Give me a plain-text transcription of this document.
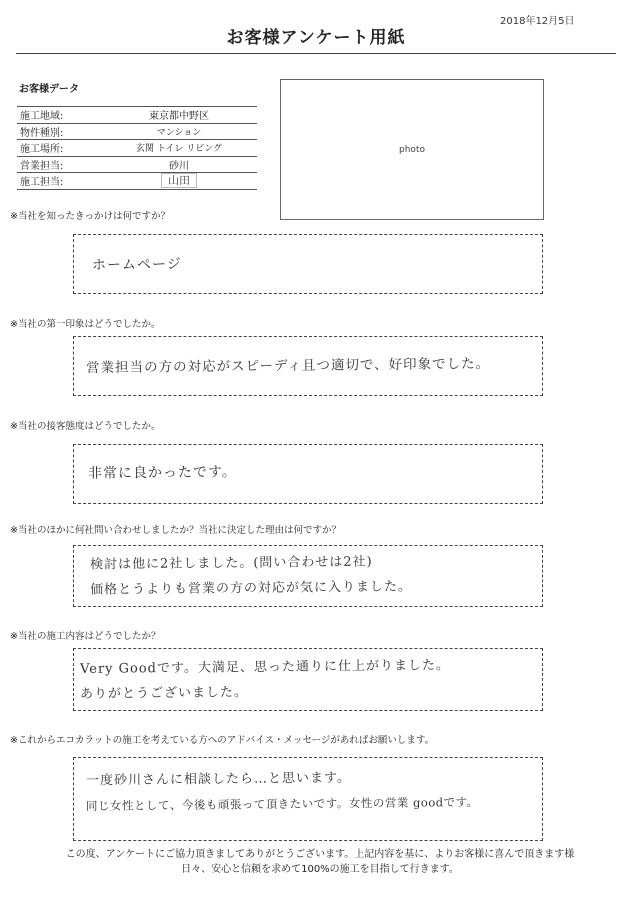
2018年12月5日
お客様アンケート用紙
お客様データ
施工地域:	東京都中野区
物件種別:	マンション
施工場所:	玄関 トイレ リビング
営業担当:	砂川
施工担当:	山田
photo
※当社を知ったきっかけは何ですか？
ホームページ
※当社の第一印象はどうでしたか。
営業担当の方の対応がスピーディ且つ適切で、好印象でした。
※当社の接客態度はどうでしたか。
非常に良かったです。
※当社のほかに何社問い合わせしましたか？当社に決定した理由は何ですか？
検討は他に2社しました。(問い合わせは2社)
価格とうよりも営業の方の対応が気に入りました。
※当社の施工内容はどうでしたか？
Very Goodです。大満足、思った通りに仕上がりました。
ありがとうございました。
※これからエコカラットの施工を考えている方へのアドバイス・メッセージがあればお願いします。
一度砂川さんに相談したら…と思います。
同じ女性として、今後も頑張って頂きたいです。女性の営業 goodです。
この度、アンケートにご協力頂きましてありがとうございます。上記内容を基に、よりお客様に喜んで頂きます様
日々、安心と信頼を求めて100%の施工を目指して行きます。
